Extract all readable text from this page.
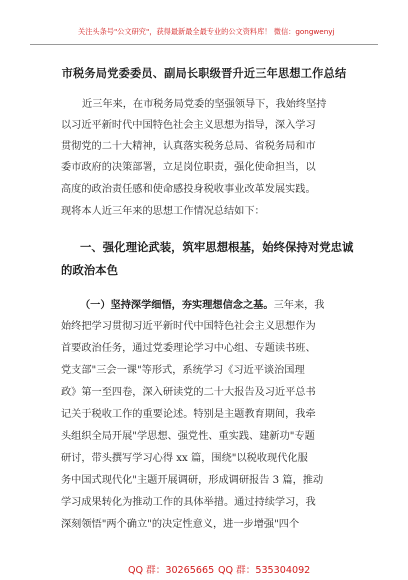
关注头条号"公文研究"，获得最新最全最专业的公文资料库！ 微信：gongwenyj
市税务局党委委员、副局长职级晋升近三年思想工作总结
近三年来，在市税务局党委的坚强领导下，我始终坚持
以习近平新时代中国特色社会主义思想为指导，深入学习
贯彻党的二十大精神，认真落实税务总局、省税务局和市
委市政府的决策部署，立足岗位职责，强化使命担当，以
高度的政治责任感和使命感投身税收事业改革发展实践。
现将本人近三年来的思想工作情况总结如下：
一、强化理论武装，筑牢思想根基，始终保持对党忠诚
的政治本色
（一）坚持深学细悟，夯实理想信念之基。三年来，我
始终把学习贯彻习近平新时代中国特色社会主义思想作为
首要政治任务，通过党委理论学习中心组、专题读书班、
党支部"三会一课"等形式，系统学习《习近平谈治国理
政》第一至四卷，深入研读党的二十大报告及习近平总书
记关于税收工作的重要论述。特别是主题教育期间，我牵
头组织全局开展"学思想、强党性、重实践、建新功"专题
研讨，带头撰写学习心得 xx 篇，围绕"以税收现代化服
务中国式现代化"主题开展调研，形成调研报告 3 篇，推动
学习成果转化为推动工作的具体举措。通过持续学习，我
深刻领悟"两个确立"的决定性意义，进一步增强"四个
QQ 群：30265665 QQ 群：535304092
